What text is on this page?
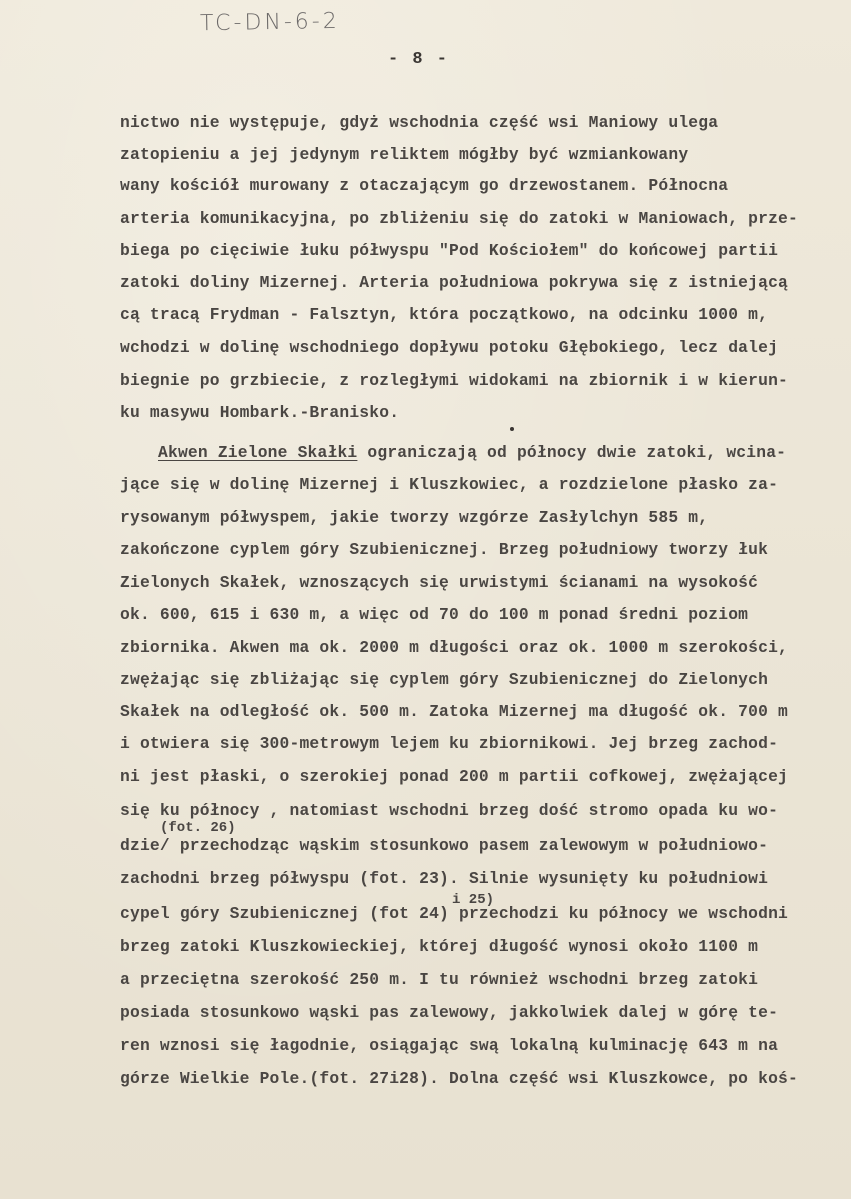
TC-DN-6-2
- 8 -
nictwo nie występuje, gdyż wschodnia część wsi Maniowy ulega
zatopieniu a jej jedynym reliktem mógłby być wzmiankowany
wany kościół murowany z otaczającym go drzewostanem. Północna
arteria komunikacyjna, po zbliżeniu się do zatoki w Maniowach, prze-
biega po cięciwie łuku półwyspu "Pod Kościołem" do końcowej partii
zatoki doliny Mizernej. Arteria południowa pokrywa się z istniejącą
cą tracą Frydman - Falsztyn, która początkowo, na odcinku 1000 m,
wchodzi w dolinę wschodniego dopływu potoku Głębokiego, lecz dalej
biegnie po grzbiecie, z rozległymi widokami na zbiornik i w kierun-
ku masywu Hombark.-Branisko.
Akwen Zielone Skałki ograniczają od północy dwie zatoki, wcina-
jące się w dolinę Mizernej i Kluszkowiec, a rozdzielone płasko za-
rysowanym półwyspem, jakie tworzy wzgórze Zasłylchyn 585 m,
zakończone cyplem góry Szubienicznej. Brzeg południowy tworzy łuk
Zielonych Skałek, wznoszących się urwistymi ścianami na wysokość
ok. 600, 615 i 630 m, a więc od 70 do 100 m ponad średni poziom
zbiornika. Akwen ma ok. 2000 m długości oraz ok. 1000 m szerokości,
zwężając się zbliżając się cyplem góry Szubienicznej do Zielonych
Skałek na odległość ok. 500 m. Zatoka Mizernej ma długość ok. 700 m
i otwiera się 300-metrowym lejem ku zbiornikowi. Jej brzeg zachod-
ni jest płaski, o szerokiej ponad 200 m partii cofkowej, zwężającej
się ku północy , natomiast wschodni brzeg dość stromo opada ku wo-
(fot. 26)
dzie/ przechodząc wąskim stosunkowo pasem zalewowym w południowo-
zachodni brzeg półwyspu (fot. 23). Silnie wysunięty ku południowi
i 25)
cypel góry Szubienicznej (fot 24) przechodzi ku północy we wschodni
brzeg zatoki Kluszkowieckiej, której długość wynosi około 1100 m
a przeciętna szerokość 250 m. I tu również wschodni brzeg zatoki
posiada stosunkowo wąski pas zalewowy, jakkolwiek dalej w górę te-
ren wznosi się łagodnie, osiągając swą lokalną kulminację 643 m na
górze Wielkie Pole.(fot. 27i28). Dolna część wsi Kluszkowce, po koś-
